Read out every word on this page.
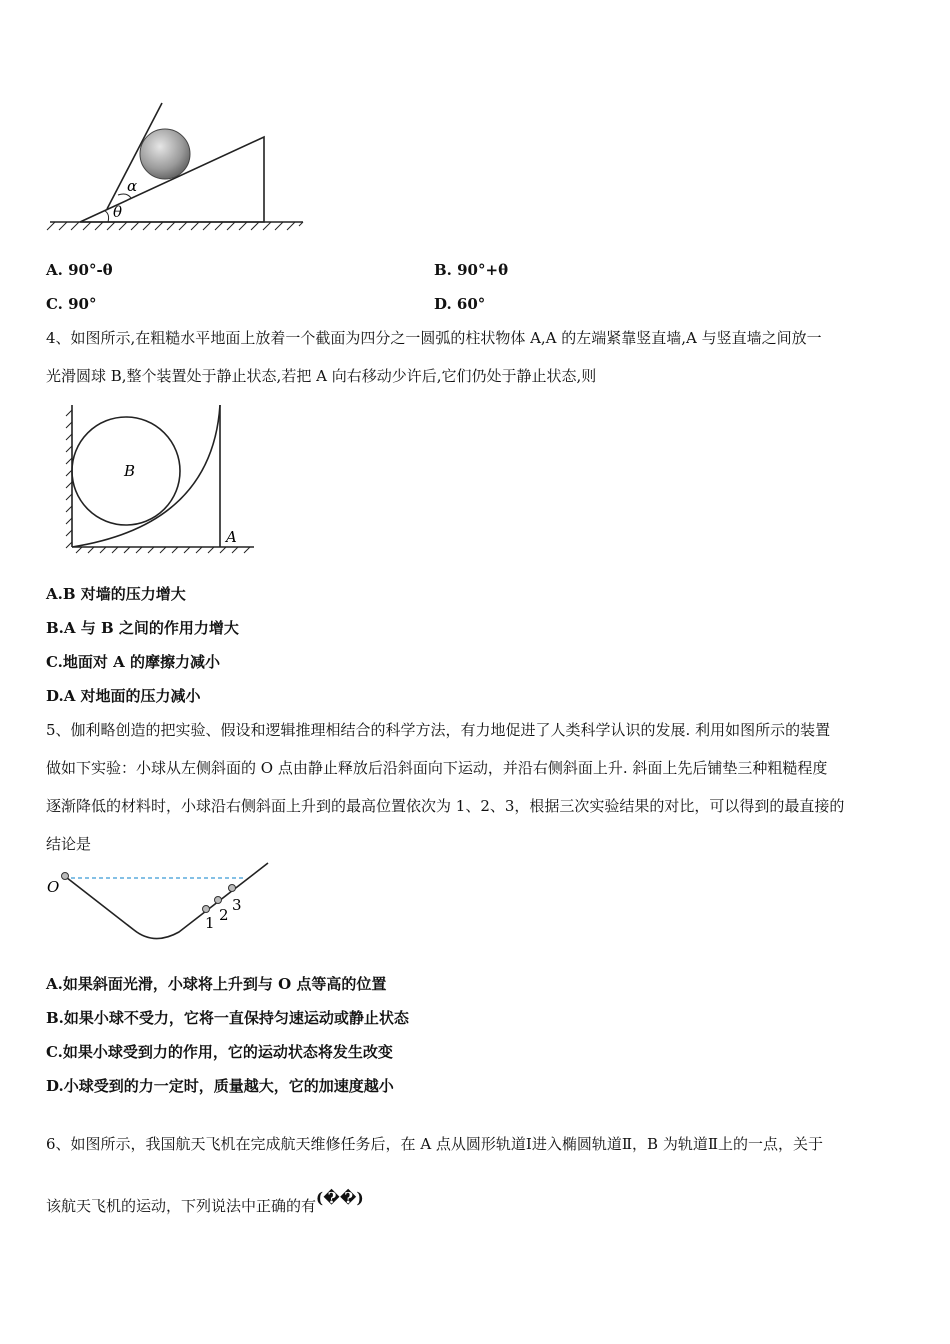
α
θ
A. 90°-θ	B. 90°+θ
C. 90°	D. 60°
4、如图所示,在粗糙水平地面上放着一个截面为四分之一圆弧的柱状物体 A,A 的左端紧靠竖直墙,A 与竖直墙之间放一
光滑圆球 B,整个装置处于静止状态,若把 A 向右移动少许后,它们仍处于静止状态,则
B
A
A.B 对墙的压力增大
B.A 与 B 之间的作用力增大
C.地面对 A 的摩擦力减小
D.A 对地面的压力减小
5、伽利略创造的把实验、假设和逻辑推理相结合的科学方法，有力地促进了人类科学认识的发展. 利用如图所示的装置
做如下实验：小球从左侧斜面的 O 点由静止释放后沿斜面向下运动，并沿右侧斜面上升. 斜面上先后铺垫三种粗糙程度
逐渐降低的材料时，小球沿右侧斜面上升到的最高位置依次为 1、2、3，根据三次实验结果的对比，可以得到的最直接的
结论是
O
1 2
3
A.如果斜面光滑，小球将上升到与 O 点等高的位置
B.如果小球不受力，它将一直保持匀速运动或静止状态
C.如果小球受到力的作用，它的运动状态将发生改变
D.小球受到的力一定时，质量越大，它的加速度越小
6、如图所示，我国航天飞机在完成航天维修任务后，在 A 点从圆形轨道Ⅰ进入椭圆轨道Ⅱ，B 为轨道Ⅱ上的一点，关于
该航天飞机的运动，下列说法中正确的有(��)
